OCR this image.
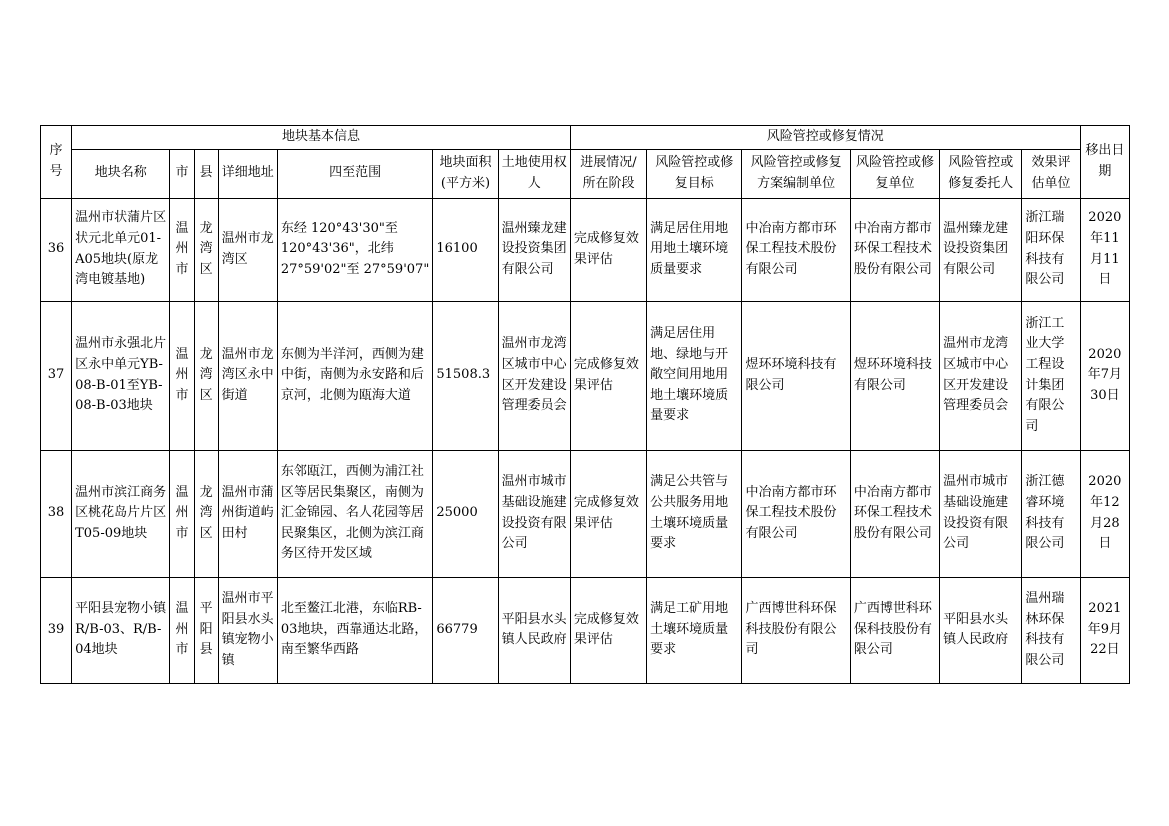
序号	地块基本信息							风险管控或修复情况						移出日期
	地块名称	市	县	详细地址	四至范围	地块面积(平方米)	土地使用权人	进展情况/所在阶段	风险管控或修复目标	风险管控或修复方案编制单位	风险管控或修复单位	风险管控或修复委托人	效果评估单位	
36	温州市状蒲片区状元北单元01-A05地块(原龙湾电镀基地)	温州市	龙湾区	温州市龙湾区	东经 120°43'30"至120°43'36"，北纬27°59'02"至 27°59'07"	16100	温州臻龙建设投资集团有限公司	完成修复效果评估	满足居住用地用地土壤环境质量要求	中冶南方都市环保工程技术股份有限公司	中冶南方都市环保工程技术股份有限公司	温州臻龙建设投资集团有限公司	浙江瑞阳环保科技有限公司	2020年11月11日
37	温州市永强北片区永中单元YB-08-B-01至YB-08-B-03地块	温州市	龙湾区	温州市龙湾区永中街道	东侧为半洋河，西侧为建中街，南侧为永安路和后京河，北侧为瓯海大道	51508.3	温州市龙湾区城市中心区开发建设管理委员会	完成修复效果评估	满足居住用地、绿地与开敞空间用地用地土壤环境质量要求	煜环环境科技有限公司	煜环环境科技有限公司	温州市龙湾区城市中心区开发建设管理委员会	浙江工业大学工程设计集团有限公司	2020年7月30日
38	温州市滨江商务区桃花岛片片区T05-09地块	温州市	龙湾区	温州市蒲州街道屿田村	东邻瓯江，西侧为浦江社区等居民集聚区，南侧为汇金锦园、名人花园等居民聚集区，北侧为滨江商务区待开发区域	25000	温州市城市基础设施建设投资有限公司	完成修复效果评估	满足公共管与公共服务用地土壤环境质量要求	中冶南方都市环保工程技术股份有限公司	中冶南方都市环保工程技术股份有限公司	温州市城市基础设施建设投资有限公司	浙江德睿环境科技有限公司	2020年12月28日
39	平阳县宠物小镇R/B-03、R/B-04地块	温州市	平阳县	温州市平阳县水头镇宠物小镇	北至鳌江北港，东临RB-03地块，西靠通达北路，南至繁华西路	66779	平阳县水头镇人民政府	完成修复效果评估	满足工矿用地土壤环境质量要求	广西博世科环保科技股份有限公司	广西博世科环保科技股份有限公司	平阳县水头镇人民政府	温州瑞林环保科技有限公司	2021年9月22日
